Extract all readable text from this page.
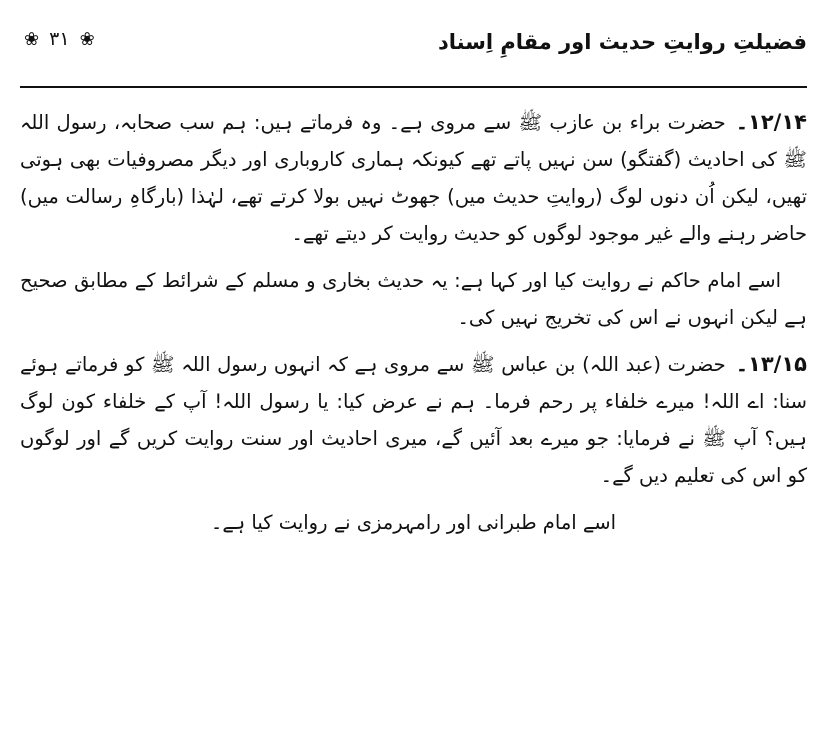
فضیلتِ روایتِ حدیث اور مقامِ اِسناد
❀ ۳۱ ❀

۱۲/۱۴۔حضرت براء بن عازب ﷺ سے مروی ہے۔ وہ فرماتے ہیں: ہم سب صحابہ، رسول اللہ ﷺ کی احادیث (گفتگو) سن نہیں پاتے تھے کیونکہ ہماری کاروباری اور دیگر مصروفیات بھی ہوتی تھیں، لیکن اُن دنوں لوگ (روایتِ حدیث میں) جھوٹ نہیں بولا کرتے تھے، لہٰذا (بارگاہِ رسالت میں) حاضر رہنے والے غیر موجود لوگوں کو حدیث روایت کر دیتے تھے۔

اسے امام حاکم نے روایت کیا اور کہا ہے: یہ حدیث بخاری و مسلم کے شرائط کے مطابق صحیح ہے لیکن انہوں نے اس کی تخریج نہیں کی۔

۱۳/۱۵۔حضرت (عبد اللہ) بن عباس ﷺ سے مروی ہے کہ انہوں رسول اللہ ﷺ کو فرماتے ہوئے سنا: اے اللہ! میرے خلفاء پر رحم فرما۔ ہم نے عرض کیا: یا رسول اللہ! آپ کے خلفاء کون لوگ ہیں؟ آپ ﷺ نے فرمایا: جو میرے بعد آئیں گے، میری احادیث اور سنت روایت کریں گے اور لوگوں کو اس کی تعلیم دیں گے۔

اسے امام طبرانی اور رامہرمزی نے روایت کیا ہے۔
